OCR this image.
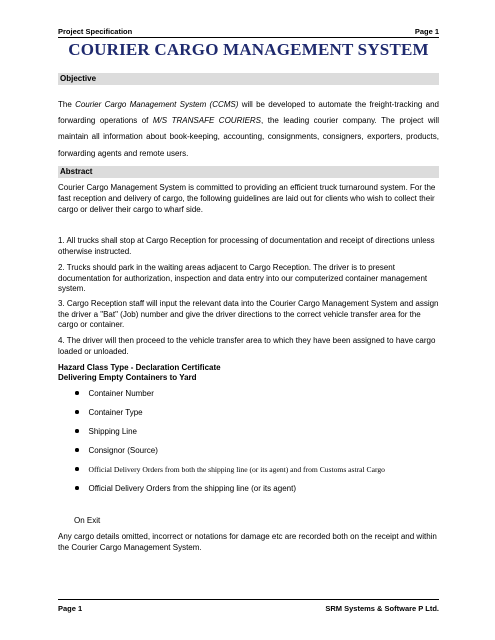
Project Specification	Page 1
COURIER CARGO MANAGEMENT SYSTEM
Objective
The Courier Cargo Management System (CCMS) will be developed to automate the freight-tracking and forwarding operations of M/S TRANSAFE COURIERS, the leading courier company. The project will maintain all information about book-keeping, accounting, consignments, consigners, exporters, products, forwarding agents and remote users.
Abstract
Courier Cargo Management System is committed to providing an efficient truck turnaround system. For the fast reception and delivery of cargo, the following guidelines are laid out for clients who wish to collect their cargo or deliver their cargo to wharf side.
1. All trucks shall stop at Cargo Reception for processing of documentation and receipt of directions unless otherwise instructed.
2. Trucks should park in the waiting areas adjacent to Cargo Reception. The driver is to present documentation for authorization, inspection and data entry into our computerized container management system.
3. Cargo Reception staff will input the relevant data into the Courier Cargo Management System and assign the driver a "Bat" (Job) number and give the driver directions to the correct vehicle transfer area for the cargo or container.
4. The driver will then proceed to the vehicle transfer area to which they have been assigned to have cargo loaded or unloaded.
Hazard Class Type - Declaration Certificate
Delivering Empty Containers to Yard
Container Number
Container Type
Shipping Line
Consignor (Source)
Official Delivery Orders from both the shipping line (or its agent) and from Customs astral Cargo
Official Delivery Orders from the shipping line (or its agent)
On Exit
Any cargo details omitted, incorrect or notations for damage etc are recorded both on the receipt and within the Courier Cargo Management System.
Page 1	SRM Systems & Software P Ltd.
